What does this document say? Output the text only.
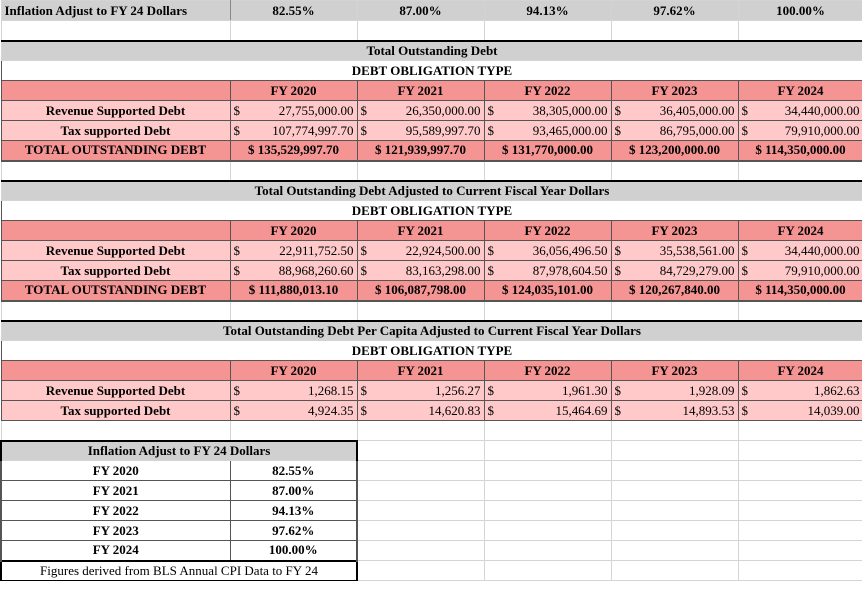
Inflation Adjust to FY 24 Dollars	82.55%	87.00%	94.13%	97.62%	100.00%

Total Outstanding Debt					
DEBT OBLIGATION TYPE					
	FY 2020	FY 2021	FY 2022	FY 2023	FY 2024
Revenue Supported Debt	$ 27,755,000.00	$ 26,350,000.00	$ 38,305,000.00	$ 36,405,000.00	$ 34,440,000.00

Tax supported Debt	$ 107,774,997.70	$ 95,589,997.70	$ 93,465,000.00	$ 86,795,000.00	$ 79,910,000.00

TOTAL OUTSTANDING DEBT	$ 135,529,997.70	$ 121,939,997.70	$ 131,770,000.00	$ 123,200,000.00	$ 114,350,000.00

Total Outstanding Debt Adjusted to Current Fiscal Year Dollars					
DEBT OBLIGATION TYPE					
	FY 2020	FY 2021	FY 2022	FY 2023	FY 2024
Revenue Supported Debt	$ 22,911,752.50	$ 22,924,500.00	$ 36,056,496.50	$ 35,538,561.00	$ 34,440,000.00

Tax supported Debt	$ 88,968,260.60	$ 83,163,298.00	$ 87,978,604.50	$ 84,729,279.00	$ 79,910,000.00

TOTAL OUTSTANDING DEBT	$ 111,880,013.10	$ 106,087,798.00	$ 124,035,101.00	$ 120,267,840.00	$ 114,350,000.00

Total Outstanding Debt Per Capita Adjusted to Current Fiscal Year Dollars					
DEBT OBLIGATION TYPE					
	FY 2020	FY 2021	FY 2022	FY 2023	FY 2024
Revenue Supported Debt	$ 1,268.15	$ 1,256.27	$ 1,961.30	$ 1,928.09	$ 1,862.63

Tax supported Debt	$ 4,924.35	$ 14,620.83	$ 15,464.69	$ 14,893.53	$ 14,039.00

Inflation Adjust to FY 24 Dollars					
FY 2020	82.55%				
FY 2021	87.00%				
FY 2022	94.13%				
FY 2023	97.62%				
FY 2024	100.00%				
Figures derived from BLS Annual CPI Data to FY 24					
